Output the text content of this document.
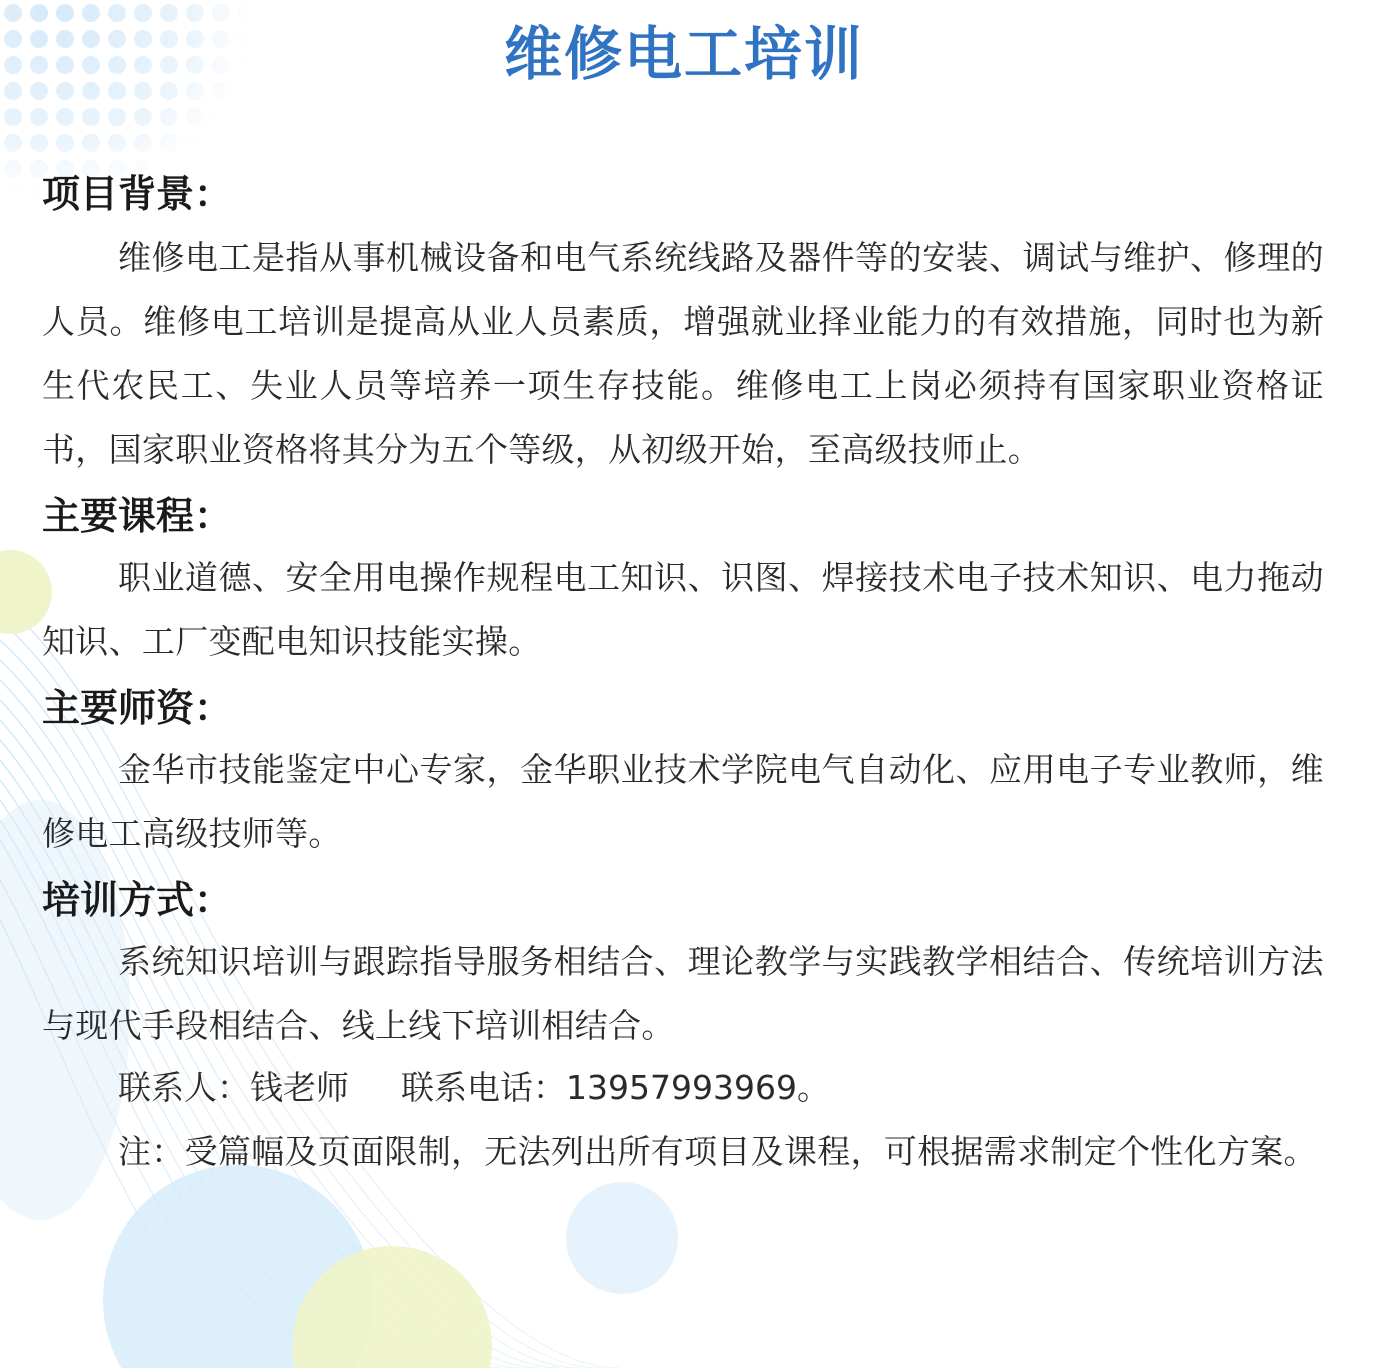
维修电工培训
项目背景：

维修电工是指从事机械设备和电气系统线路及器件等的安装、调试与维护、修理的人员。维修电工培训是提高从业人员素质，增强就业择业能力的有效措施，同时也为新生代农民工、失业人员等培养一项生存技能。维修电工上岗必须持有国家职业资格证书，国家职业资格将其分为五个等级，从初级开始，至高级技师止。

主要课程：

职业道德、安全用电操作规程电工知识、识图、焊接技术电子技术知识、电力拖动知识、工厂变配电知识技能实操。

主要师资：

金华市技能鉴定中心专家，金华职业技术学院电气自动化、应用电子专业教师，维修电工高级技师等。

培训方式：

系统知识培训与跟踪指导服务相结合、理论教学与实践教学相结合、传统培训方法与现代手段相结合、线上线下培训相结合。

联系人：钱老师 联系电话：13957993969。

注：受篇幅及页面限制，无法列出所有项目及课程，可根据需求制定个性化方案。
